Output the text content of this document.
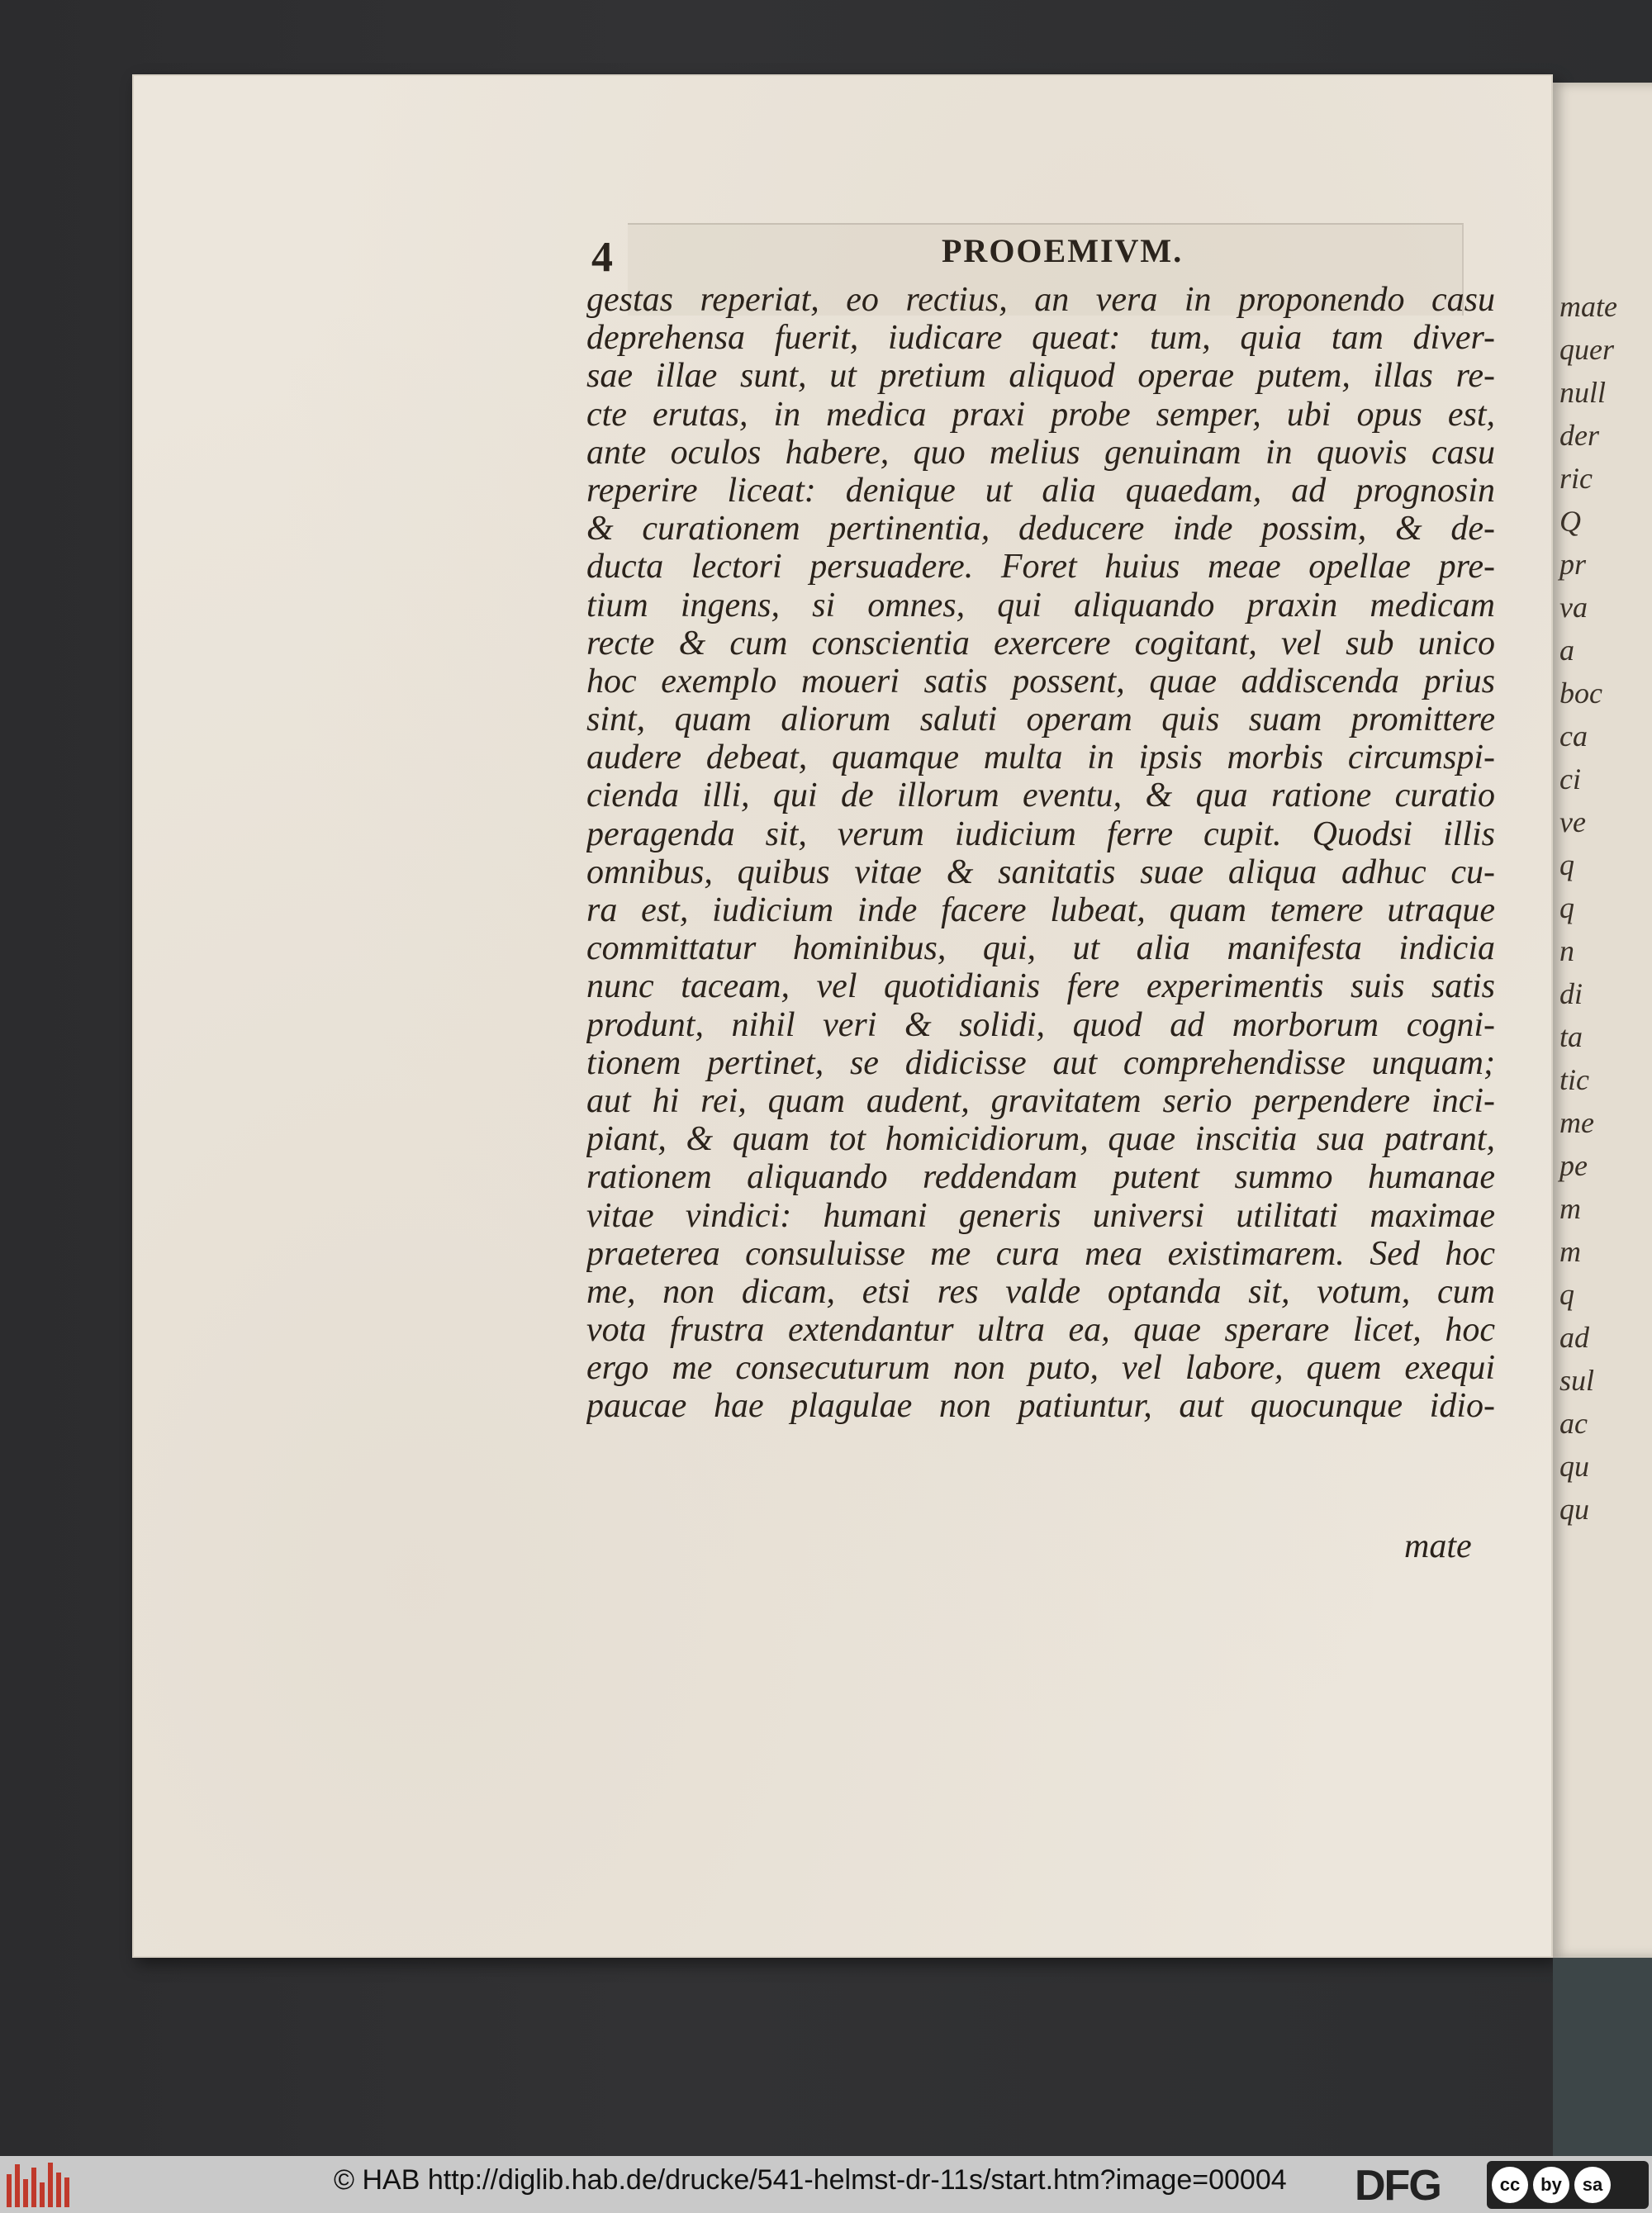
mate
quer
null
der
ric
Q
pr
va
a
boc
ca
ci
ve
q
q
n
di
ta
tic
me
pe
m
m
q
ad
sul
ac
qu
qu
4	PROOEMIVM.
gestas reperiat, eo rectius, an vera in proponendo casu
deprehensa fuerit, iudicare queat: tum, quia tam diver-
sae illae sunt, ut pretium aliquod operae putem, illas re-
cte erutas, in medica praxi probe semper, ubi opus est,
ante oculos habere, quo melius genuinam in quovis casu
reperire liceat: denique ut alia quaedam, ad prognosin
& curationem pertinentia, deducere inde possim, & de-
ducta lectori persuadere. Foret huius meae opellae pre-
tium ingens, si omnes, qui aliquando praxin medicam
recte & cum conscientia exercere cogitant, vel sub unico
hoc exemplo moueri satis possent, quae addiscenda prius
sint, quam aliorum saluti operam quis suam promittere
audere debeat, quamque multa in ipsis morbis circumspi-
cienda illi, qui de illorum eventu, & qua ratione curatio
peragenda sit, verum iudicium ferre cupit. Quodsi illis
omnibus, quibus vitae & sanitatis suae aliqua adhuc cu-
ra est, iudicium inde facere lubeat, quam temere utraque
committatur hominibus, qui, ut alia manifesta indicia
nunc taceam, vel quotidianis fere experimentis suis satis
produnt, nihil veri & solidi, quod ad morborum cogni-
tionem pertinet, se didicisse aut comprehendisse unquam;
aut hi rei, quam audent, gravitatem serio perpendere inci-
piant, & quam tot homicidiorum, quae inscitia sua patrant,
rationem aliquando reddendam putent summo humanae
vitae vindici: humani generis universi utilitati maximae
praeterea consuluisse me cura mea existimarem. Sed hoc
me, non dicam, etsi res valde optanda sit, votum, cum
vota frustra extendantur ultra ea, quae sperare licet, hoc
ergo me consecuturum non puto, vel labore, quem exequi
paucae hae plagulae non patiuntur, aut quocunque idio-
mate
© HAB http://diglib.hab.de/drucke/541-helmst-dr-11s/start.htm?image=00004 DFG	cc	by	sa
